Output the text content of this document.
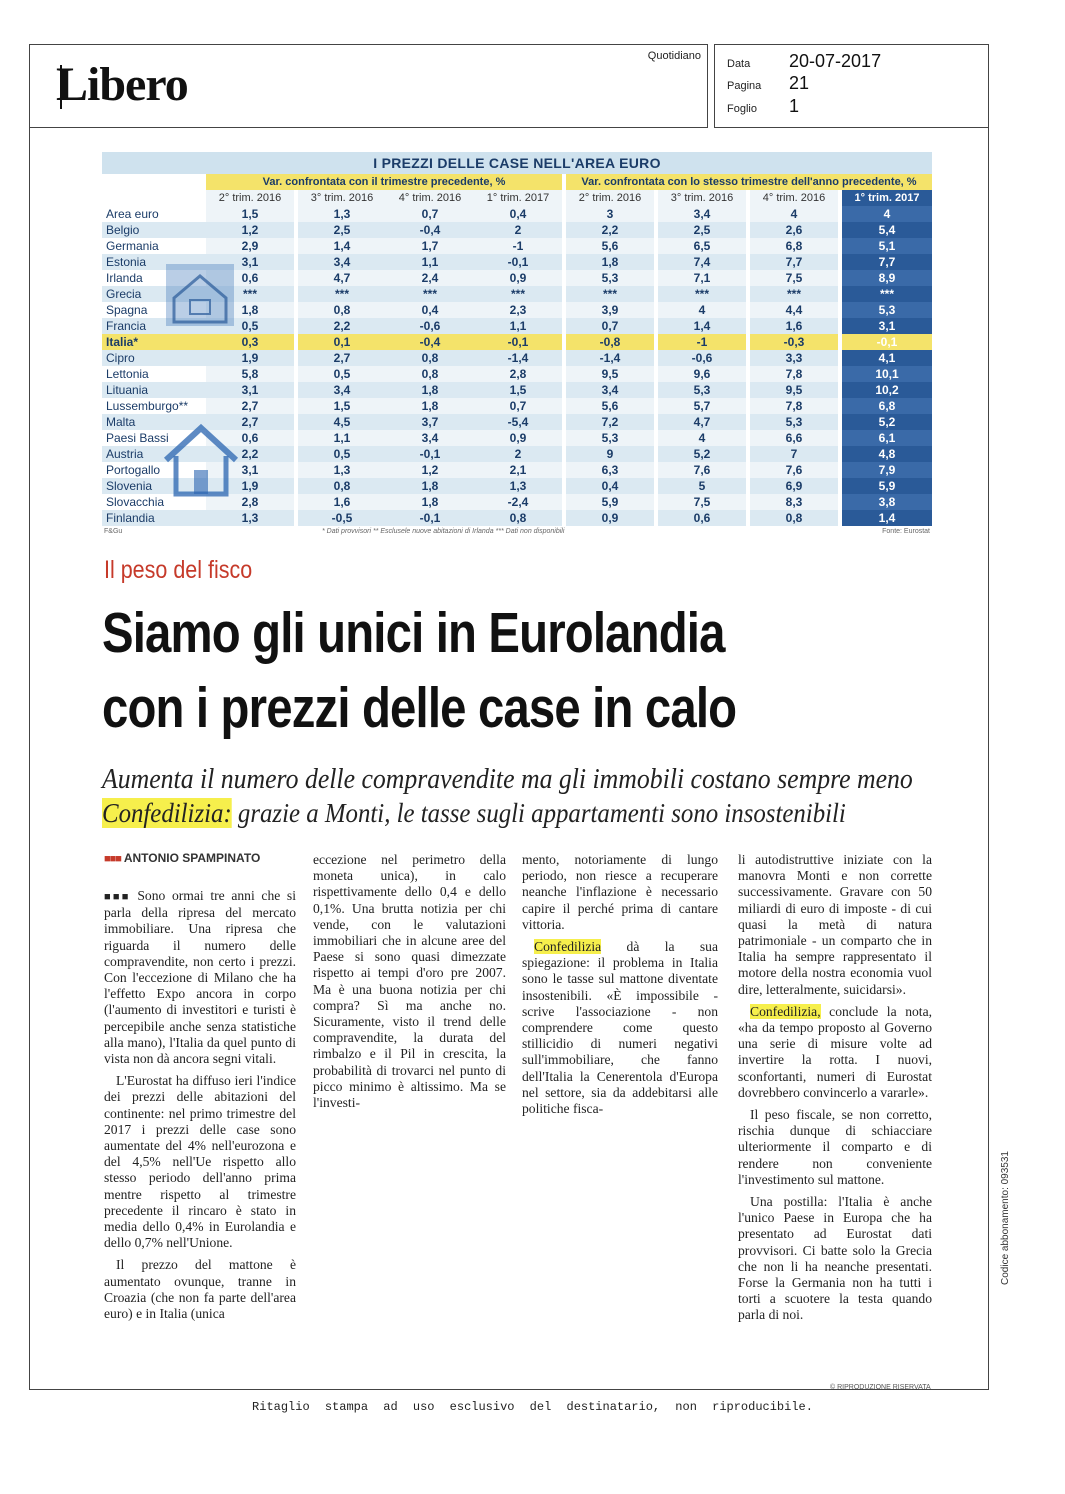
Libero
Quotidiano
Data 20-07-2017
Pagina 21
Foglio 1
I PREZZI DELLE CASE NELL'AREA EURO
Var. confrontata con il trimestre precedente, %	Var. confrontata con lo stesso trimestre dell'anno precedente, %
2° trim. 2016	3° trim. 2016	4° trim. 2016	1° trim. 2017	2° trim. 2016	3° trim. 2016	4° trim. 2016	1° trim. 2017
Area euro	1,5	1,3	0,7	0,4	3	3,4	4	4
Belgio	1,2	2,5	-0,4	2	2,2	2,5	2,6	5,4
Germania	2,9	1,4	1,7	-1	5,6	6,5	6,8	5,1
Estonia	3,1	3,4	1,1	-0,1	1,8	7,4	7,7	7,7
Irlanda	0,6	4,7	2,4	0,9	5,3	7,1	7,5	8,9
Grecia	***	***	***	***	***	***	***	***
Spagna	1,8	0,8	0,4	2,3	3,9	4	4,4	5,3
Francia	0,5	2,2	-0,6	1,1	0,7	1,4	1,6	3,1
Italia*	0,3	0,1	-0,4	-0,1	-0,8	-1	-0,3	-0,1
Cipro	1,9	2,7	0,8	-1,4	-1,4	-0,6	3,3	4,1
Lettonia	5,8	0,5	0,8	2,8	9,5	9,6	7,8	10,1
Lituania	3,1	3,4	1,8	1,5	3,4	5,3	9,5	10,2
Lussemburgo**	2,7	1,5	1,8	0,7	5,6	5,7	7,8	6,8
Malta	2,7	4,5	3,7	-5,4	7,2	4,7	5,3	5,2
Paesi Bassi	0,6	1,1	3,4	0,9	5,3	4	6,6	6,1
Austria	2,2	0,5	-0,1	2	9	5,2	7	4,8
Portogallo	3,1	1,3	1,2	2,1	6,3	7,6	7,6	7,9
Slovenia	1,9	0,8	1,8	1,3	0,4	5	6,9	5,9
Slovacchia	2,8	1,6	1,8	-2,4	5,9	7,5	8,3	3,8
Finlandia	1,3	-0,5	-0,1	0,8	0,9	0,6	0,8	1,4
F&Gu	* Dati provvisori ** Esclusele nuove abitazioni di Irlanda *** Dati non disponibili	Fonte: Eurostat
Il peso del fisco
Siamo gli unici in Eurolandia
con i prezzi delle case in calo
Aumenta il numero delle compravendite ma gli immobili costano sempre meno
Confedilizia: grazie a Monti, le tasse sugli appartamenti sono insostenibili
■■■ ANTONIO SPAMPINATO

■■■ Sono ormai tre anni che si parla della ripresa del mercato immobiliare. Una ripresa che riguarda il numero delle compravendite, non certo i prezzi. Con l'eccezione di Milano che ha l'effetto Expo ancora in corpo (l'aumento di investitori e turisti è percepibile anche senza statistiche alla mano), l'Italia da quel punto di vista non dà ancora segni vitali.

L'Eurostat ha diffuso ieri l'indice dei prezzi delle abitazioni del continente: nel primo trimestre del 2017 i prezzi delle case sono aumentate del 4% nell'eurozona e del 4,5% nell'Ue rispetto allo stesso periodo dell'anno prima mentre rispetto al trimestre precedente il rincaro è stato in media dello 0,4% in Eurolandia e dello 0,7% nell'Unione.

Il prezzo del mattone è aumentato ovunque, tranne in Croazia (che non fa parte dell'area euro) e in Italia (unica

eccezione nel perimetro della moneta unica), in calo rispettivamente dello 0,4 e dello 0,1%. Una brutta notizia per chi vende, con le valutazioni immobiliari che in alcune aree del Paese si sono quasi dimezzate rispetto ai tempi d'oro pre 2007. Ma è una buona notizia per chi compra? Sì ma anche no. Sicuramente, visto il trend delle compravendite, la durata del rimbalzo e il Pil in crescita, la probabilità di trovarci nel punto di picco minimo è altissimo. Ma se l'investi-

mento, notoriamente di lungo periodo, non riesce a recuperare neanche l'inflazione è necessario capire il perché prima di cantare vittoria.

Confedilizia dà la sua spiegazione: il problema in Italia sono le tasse sul mattone diventate insostenibili. «È impossibile - scrive l'associazione - non comprendere come questo stillicidio di numeri negativi sull'immobiliare, che fanno dell'Italia la Cenerentola d'Europa nel settore, sia da addebitarsi alle politiche fisca-

li autodistruttive iniziate con la manovra Monti e non corrette successivamente. Gravare con 50 miliardi di euro di imposte - di cui quasi la metà di natura patrimoniale - un comparto che in Italia ha sempre rappresentato il motore della nostra economia vuol dire, letteralmente, suicidarsi».

Confedilizia, conclude la nota, «ha da tempo proposto al Governo una serie di misure volte ad invertire la rotta. I nuovi, sconfortanti, numeri di Eurostat dovrebbero convincerlo a vararle».

Il peso fiscale, se non corretto, rischia dunque di schiacciare ulteriormente il comparto e di rendere non conveniente l'investimento sul mattone.

Una postilla: l'Italia è anche l'unico Paese in Europa che ha presentato ad Eurostat dati provvisori. Ci batte solo la Grecia che non li ha neanche presentati. Forse la Germania non ha tutti i torti a scuotere la testa quando parla di noi.

© RIPRODUZIONE RISERVATA
Codice abbonamento: 093531
Ritaglio stampa ad uso esclusivo del destinatario, non riproducibile.
